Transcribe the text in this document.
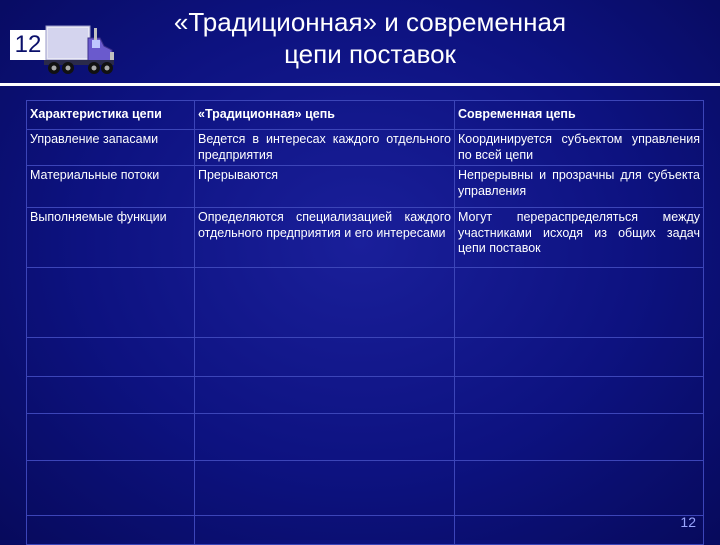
12
«Традиционная» и современная
цепи поставок
Характеристика цепи	«Традиционная» цепь	Современная цепь
Управление запасами	Ведется в интересах каждого отдельного предприятия	Координируется субъектом управления по всей цепи
Материальные потоки	Прерываются	Непрерывны и прозрачны для субъекта управления
Выполняемые функции	Определяются специализацией каждого отдельного предприятия и его интересами	Могут перераспределяться между участниками исходя из общих задач цепи поставок

12
